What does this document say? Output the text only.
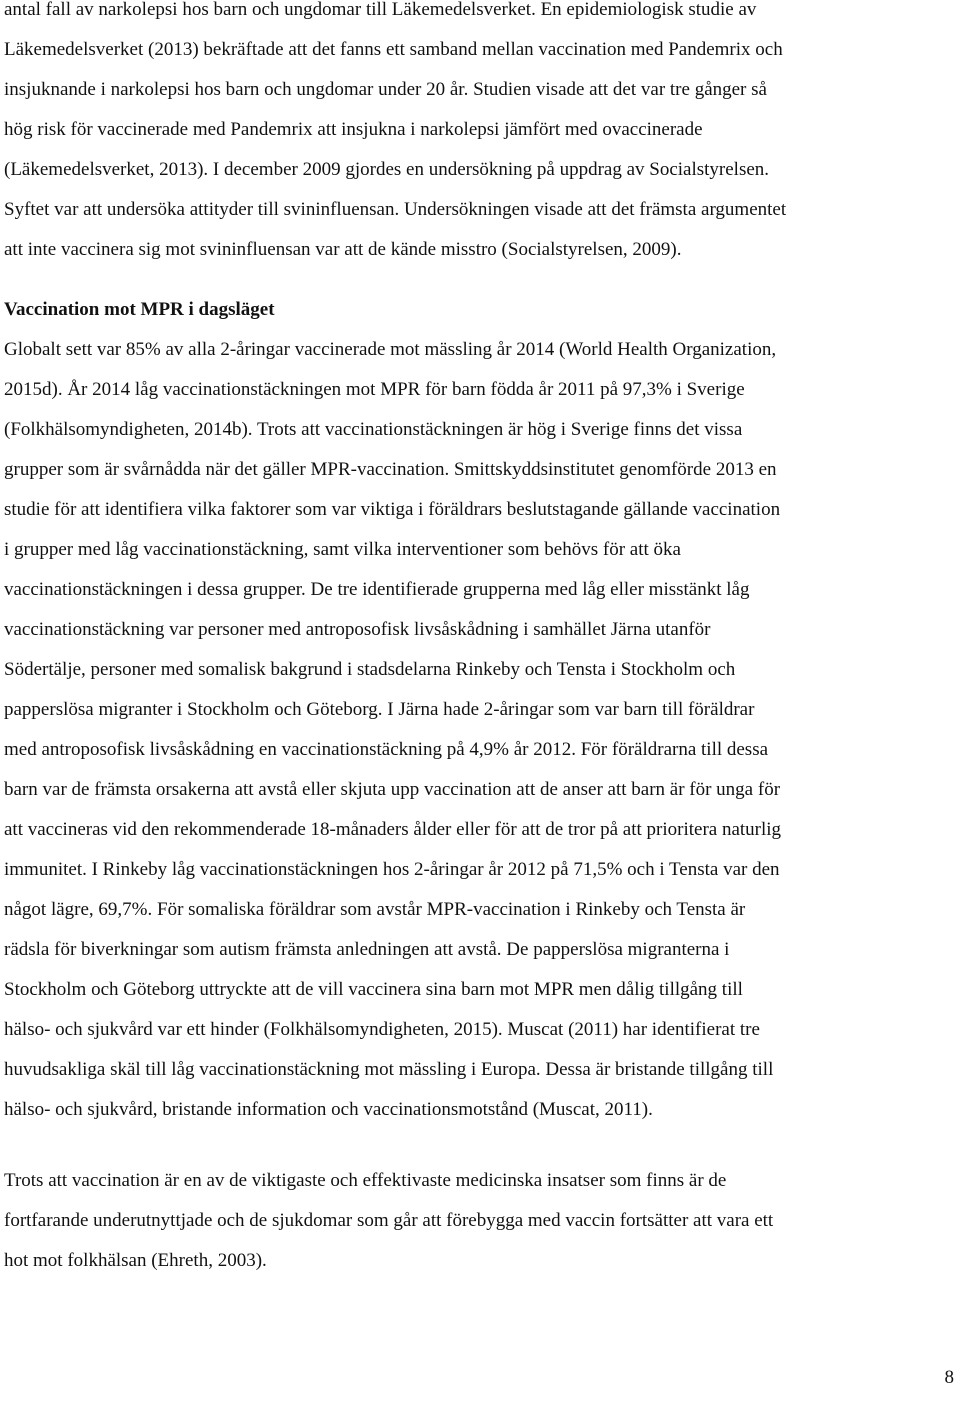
antal fall av narkolepsi hos barn och ungdomar till Läkemedelsverket. En epidemiologisk studie av
Läkemedelsverket (2013) bekräftade att det fanns ett samband mellan vaccination med Pandemrix och
insjuknande i narkolepsi hos barn och ungdomar under 20 år. Studien visade att det var tre gånger så
hög risk för vaccinerade med Pandemrix att insjukna i narkolepsi jämfört med ovaccinerade
(Läkemedelsverket, 2013). I december 2009 gjordes en undersökning på uppdrag av Socialstyrelsen.
Syftet var att undersöka attityder till svininfluensan. Undersökningen visade att det främsta argumentet
att inte vaccinera sig mot svininfluensan var att de kände misstro (Socialstyrelsen, 2009).
Vaccination mot MPR i dagsläget
Globalt sett var 85% av alla 2-åringar vaccinerade mot mässling år 2014 (World Health Organization,
2015d). År 2014 låg vaccinationstäckningen mot MPR för barn födda år 2011 på 97,3% i Sverige
(Folkhälsomyndigheten, 2014b). Trots att vaccinationstäckningen är hög i Sverige finns det vissa
grupper som är svårnådda när det gäller MPR-vaccination. Smittskyddsinstitutet genomförde 2013 en
studie för att identifiera vilka faktorer som var viktiga i föräldrars beslutstagande gällande vaccination
i grupper med låg vaccinationstäckning, samt vilka interventioner som behövs för att öka
vaccinationstäckningen i dessa grupper. De tre identifierade grupperna med låg eller misstänkt låg
vaccinationstäckning var personer med antroposofisk livsåskådning i samhället Järna utanför
Södertälje, personer med somalisk bakgrund i stadsdelarna Rinkeby och Tensta i Stockholm och
papperslösa migranter i Stockholm och Göteborg. I Järna hade 2-åringar som var barn till föräldrar
med antroposofisk livsåskådning en vaccinationstäckning på 4,9% år 2012. För föräldrarna till dessa
barn var de främsta orsakerna att avstå eller skjuta upp vaccination att de anser att barn är för unga för
att vaccineras vid den rekommenderade 18-månaders ålder eller för att de tror på att prioritera naturlig
immunitet. I Rinkeby låg vaccinationstäckningen hos 2-åringar år 2012 på 71,5% och i Tensta var den
något lägre, 69,7%. För somaliska föräldrar som avstår MPR-vaccination i Rinkeby och Tensta är
rädsla för biverkningar som autism främsta anledningen att avstå. De papperslösa migranterna i
Stockholm och Göteborg uttryckte att de vill vaccinera sina barn mot MPR men dålig tillgång till
hälso- och sjukvård var ett hinder (Folkhälsomyndigheten, 2015). Muscat (2011) har identifierat tre
huvudsakliga skäl till låg vaccinationstäckning mot mässling i Europa. Dessa är bristande tillgång till
hälso- och sjukvård, bristande information och vaccinationsmotstånd (Muscat, 2011).
Trots att vaccination är en av de viktigaste och effektivaste medicinska insatser som finns är de
fortfarande underutnyttjade och de sjukdomar som går att förebygga med vaccin fortsätter att vara ett
hot mot folkhälsan (Ehreth, 2003).
8
